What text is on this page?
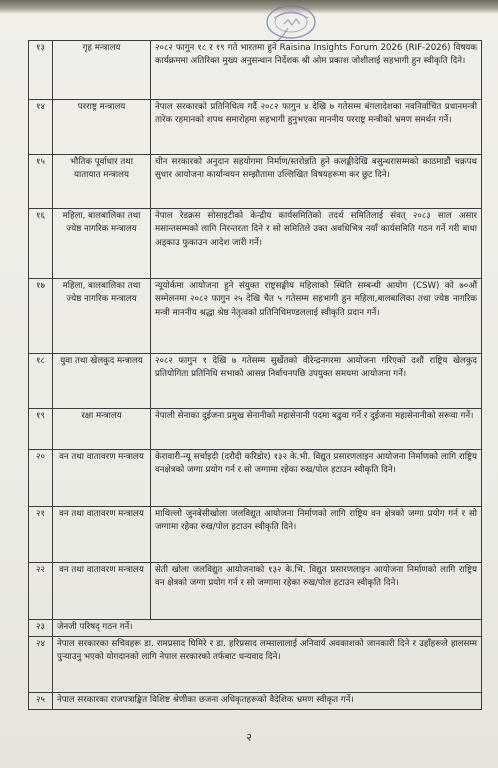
१३	गृह मन्त्रालय	२०८२ फागुन १८ र १९ गते भारतमा हुने Raisina Insights Forum 2026 (RIF-2026) विषयक कार्यक्रममा अतिरिक्त मुख्य अनुसन्धान निर्देशक श्री ओम प्रकाश जोशीलाई सहभागी हुन स्वीकृति दिने।
१४	परराष्ट्र मन्त्रालय	नेपाल सरकारको प्रतिनिधित्व गर्दै २०८२ फागुन ४ देखि ७ गतेसम्म बंगलादेशका नवनिर्वाचित प्रधानमन्त्री तारेक रहमानको शपथ समारोहमा सहभागी हुनुभएका माननीय परराष्ट्र मन्त्रीको भ्रमण समर्थन गर्ने।
१५	भौतिक पूर्वाधार तथा यातायात मन्त्रालय	चीन सरकारको अनुदान सहयोगमा निर्माण/स्तरोन्नति हुने कलङ्कीदेखि बसुन्धरासम्मको काठमाडौं चक्रपथ सुधार आयोजना कार्यान्वयन सम्झौतामा उल्लिखित विषयहरूमा कर छुट दिने।
१६	महिला, बालबालिका तथा ज्येष्ठ नागरिक मन्त्रालय	नेपाल रेडक्रस सोसाइटीको केन्द्रीय कार्यसमितिको तदर्थ समितिलाई संवत् २०८३ साल असार मसान्तसम्मको लागि निरन्तरता दिने र सो समितिले उक्त अवधिभित्र नयाँ कार्यसमिति गठन गर्ने गरी बाधा अड्काउ फुकाउन आदेश जारी गर्ने।
१७	महिला, बालबालिका तथा ज्येष्ठ नागरिक मन्त्रालय	न्यूयोर्कमा आयोजना हुने संयुक्त राष्ट्रसङ्घीय महिलाको स्थिति सम्बन्धी आयोग (CSW) को ७०औं सम्मेलनमा २०८२ फागुन २५ देखि चैत ५ गतेसम्म सहभागी हुन महिला,बालबालिका तथा ज्येष्ठ नागरिक मन्त्री माननीय श्रद्धा श्रेष्ठ नेतृत्वको प्रतिनिधिमण्डललाई स्वीकृति प्रदान गर्ने।
१८	युवा तथा खेलकुद मन्त्रालय	२०८२ फागुन १ देखि ७ गतेसम्म सुर्खेतको वीरेन्द्रनगरमा आयोजना गरिएको दशौं राष्ट्रिय खेलकुद प्रतियोगिता प्रतिनिधि सभाको आसन्न निर्वाचनपछि उपयुक्त समयमा आयोजना गर्ने।
१९	रक्षा मन्त्रालय	नेपाली सेनाका दुईजना प्रमुख सेनानीको महासेनानी पदमा बढुवा गर्ने र दुईजना महासेनानीको सरूवा गर्ने।
२०	वन तथा वातावरण मन्त्रालय	केरावारी-न्यू सर्चाइदी (दरौदी करिडोर) १३२ के.भी. विद्युत प्रसारणलाइन आयोजना निर्माणको लागि राष्ट्रिय वनक्षेत्रको जग्गा प्रयोग गर्न र सो जग्गामा रहेका रुख/पोल हटाउन स्वीकृति दिने।
२१	वन तथा वातावरण मन्त्रालय	माथिल्लो जुनबेसीखोला जलविद्युत आयोजना निर्माणको लागि राष्ट्रिय वन क्षेत्रको जग्गा प्रयोग गर्न र सो जग्गामा रहेका रुख/पोल हटाउन स्वीकृति दिने।
२२	वन तथा वातावरण मन्त्रालय	सेती खोला जलविद्युत आयोजनाको १३२ के.भि. विद्युत प्रसारणलाइन आयोजना निर्माणको लागि राष्ट्रिय वन क्षेत्रको जग्गा प्रयोग गर्न र सो जग्गामा रहेका रुख/पोल हटाउन स्वीकृति दिने।
२३	जेनजी परिषद् गठन गर्ने।	
२४	नेपाल सरकारका सचिवहरू डा. रामप्रसाद घिमिरे र डा. हरिप्रसाद लम्सालालाई अनिवार्य अवकाशको जानकारी दिने र उहाँहरूले हालसम्म पुऱ्याउनु भएको योगदानको लागि नेपाल सरकारको तर्फबाट धन्यवाद दिने।	
२५	नेपाल सरकारका राजपत्राङ्कित विशिष्ट श्रेणीका छजना अधिकृतहरूको वैदेशिक भ्रमण स्वीकृत गर्ने।	
२
